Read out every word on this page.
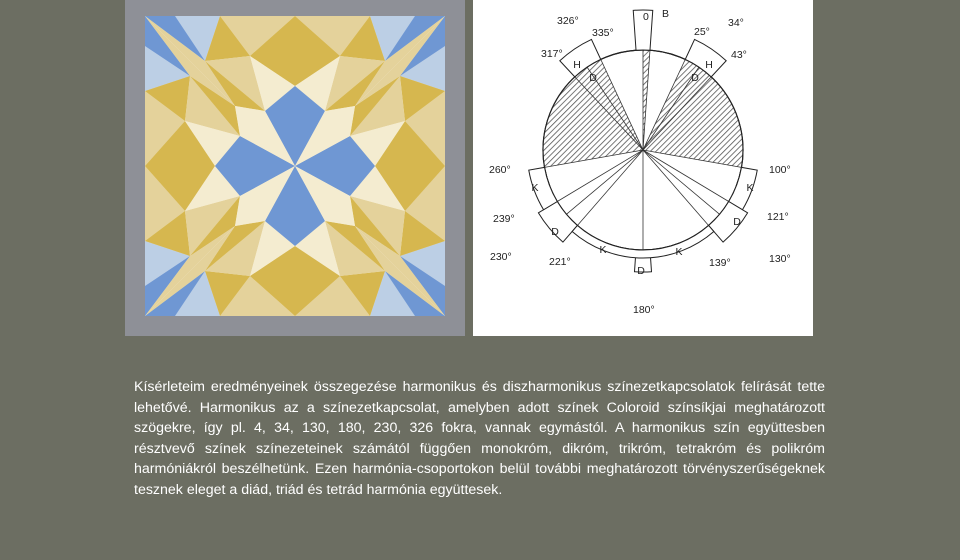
326°
335°
0 B
25°
34°
317°	43°
260°	100°
239°	121°
230°	130°
221°	139°
180°
H
D	D
H
K	K
D
D
K	K
D

Kísérleteim eredményeinek összegezése harmonikus és diszharmonikus színezetkapcsolatok felírását tette lehetővé. Harmonikus az a színezetkapcsolat, amelyben adott színek Coloroid színsíkjai meghatározott szögekre, így pl. 4, 34, 130, 180, 230, 326 fokra, vannak egymástól. A harmonikus szín együttesben résztvevő színek színezeteinek számától függően monokróm, dikróm, trikróm, tetrakróm és polikróm harmóniákról beszélhetünk. Ezen harmónia-csoportokon belül további meghatározott törvényszerűségeknek tesznek eleget a diád, triád és tetrád harmónia együttesek.
